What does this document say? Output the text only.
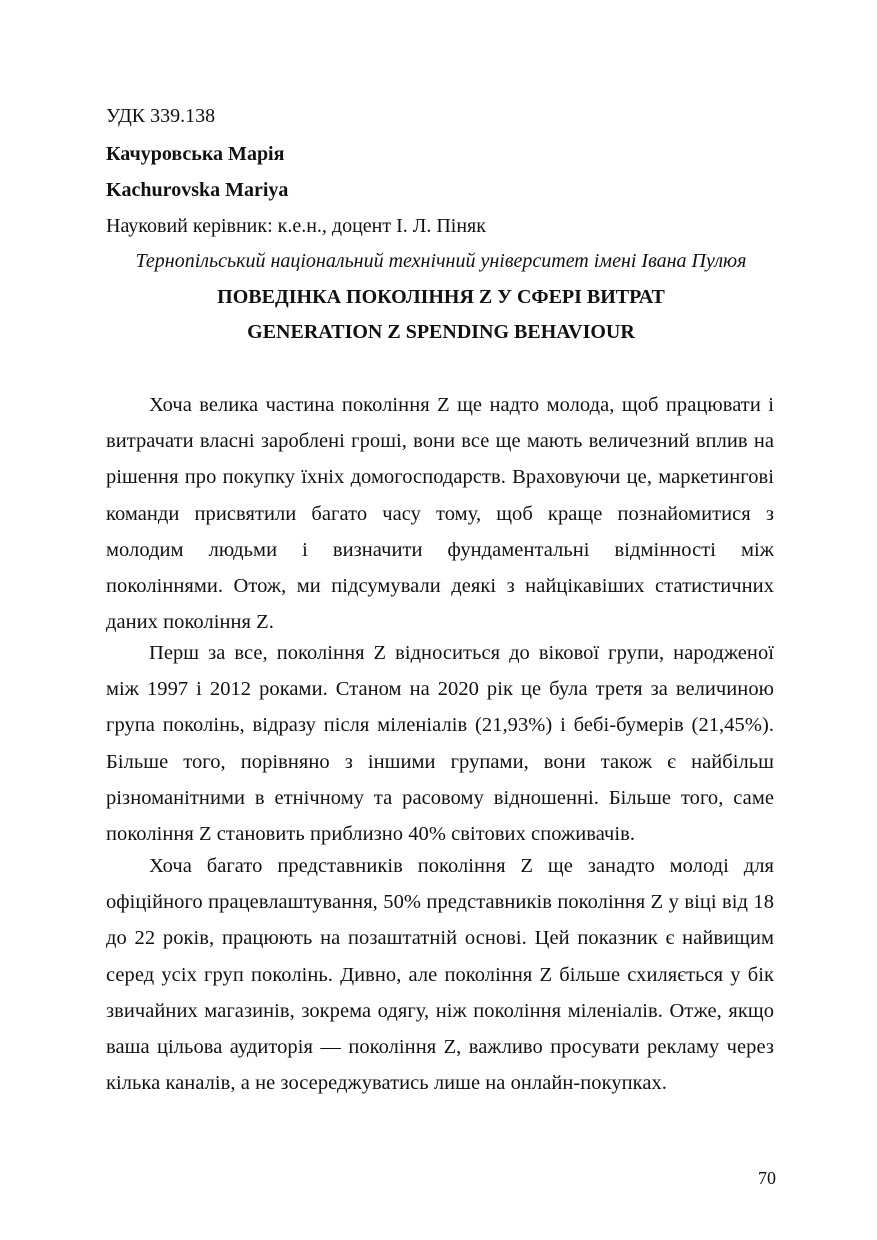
УДК 339.138

Качуровська Марія

Kachurovska Mariya

Науковий керівник: к.е.н., доцент І. Л. Піняк

Тернопільський національний технічний університет імені Івана Пулюя

ПОВЕДІНКА ПОКОЛІННЯ Z У СФЕРІ ВИТРАТ
GENERATION Z SPENDING BEHAVIOUR

Хоча велика частина покоління Z ще надто молода, щоб працювати і витрачати власні зароблені гроші, вони все ще мають величезний вплив на рішення про покупку їхніх домогосподарств. Враховуючи це, маркетингові команди присвятили багато часу тому, щоб краще познайомитися з молодим людьми і визначити фундаментальні відмінності між поколіннями. Отож, ми підсумували деякі з найцікавіших статистичних даних покоління Z.

Перш за все, покоління Z відноситься до вікової групи, народженої між 1997 і 2012 роками. Станом на 2020 рік це була третя за величиною група поколінь, відразу після міленіалів (21,93%) і бебі-бумерів (21,45%). Більше того, порівняно з іншими групами, вони також є найбільш різноманітними в етнічному та расовому відношенні. Більше того, саме покоління Z становить приблизно 40% світових споживачів.

Хоча багато представників покоління Z ще занадто молоді для офіційного працевлаштування, 50% представників покоління Z у віці від 18 до 22 років, працюють на позаштатній основі. Цей показник є найвищим серед усіх груп поколінь. Дивно, але покоління Z більше схиляється у бік звичайних магазинів, зокрема одягу, ніж покоління міленіалів. Отже, якщо ваша цільова аудиторія — покоління Z, важливо просувати рекламу через кілька каналів, а не зосереджуватись лише на онлайн-покупках.

70
